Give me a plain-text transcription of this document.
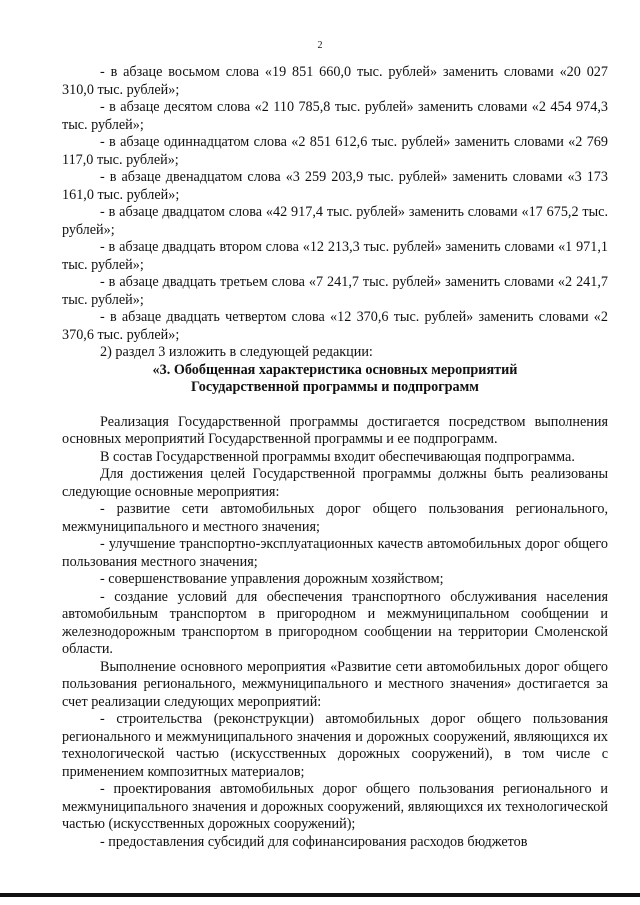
2

- в абзаце восьмом слова «19 851 660,0 тыс. рублей» заменить словами «20 027 310,0 тыс. рублей»;

- в абзаце десятом слова «2 110 785,8 тыс. рублей» заменить словами «2 454 974,3 тыс. рублей»;

- в абзаце одиннадцатом слова «2 851 612,6 тыс. рублей» заменить словами «2 769 117,0 тыс. рублей»;

- в абзаце двенадцатом слова «3 259 203,9 тыс. рублей» заменить словами «3 173 161,0 тыс. рублей»;

- в абзаце двадцатом слова «42 917,4 тыс. рублей» заменить словами «17 675,2 тыс. рублей»;

- в абзаце двадцать втором слова «12 213,3 тыс. рублей» заменить словами «1 971,1 тыс. рублей»;

- в абзаце двадцать третьем слова «7 241,7 тыс. рублей» заменить словами «2 241,7 тыс. рублей»;

- в абзаце двадцать четвертом слова «12 370,6 тыс. рублей» заменить словами «2 370,6 тыс. рублей»;

2) раздел 3 изложить в следующей редакции:

«3. Обобщенная характеристика основных мероприятий

Государственной программы и подпрограмм

Реализация Государственной программы достигается посредством выполнения основных мероприятий Государственной программы и ее подпрограмм.

В состав Государственной программы входит обеспечивающая подпрограмма.

Для достижения целей Государственной программы должны быть реализованы следующие основные мероприятия:

- развитие сети автомобильных дорог общего пользования регионального, межмуниципального и местного значения;

- улучшение транспортно-эксплуатационных качеств автомобильных дорог общего пользования местного значения;

- совершенствование управления дорожным хозяйством;

- создание условий для обеспечения транспортного обслуживания населения автомобильным транспортом в пригородном и межмуниципальном сообщении и железнодорожным транспортом в пригородном сообщении на территории Смоленской области.

Выполнение основного мероприятия «Развитие сети автомобильных дорог общего пользования регионального, межмуниципального и местного значения» достигается за счет реализации следующих мероприятий:

- строительства (реконструкции) автомобильных дорог общего пользования регионального и межмуниципального значения и дорожных сооружений, являющихся их технологической частью (искусственных дорожных сооружений), в том числе с применением композитных материалов;

- проектирования автомобильных дорог общего пользования регионального и межмуниципального значения и дорожных сооружений, являющихся их технологической частью (искусственных дорожных сооружений);

- предоставления субсидий для софинансирования расходов бюджетов
